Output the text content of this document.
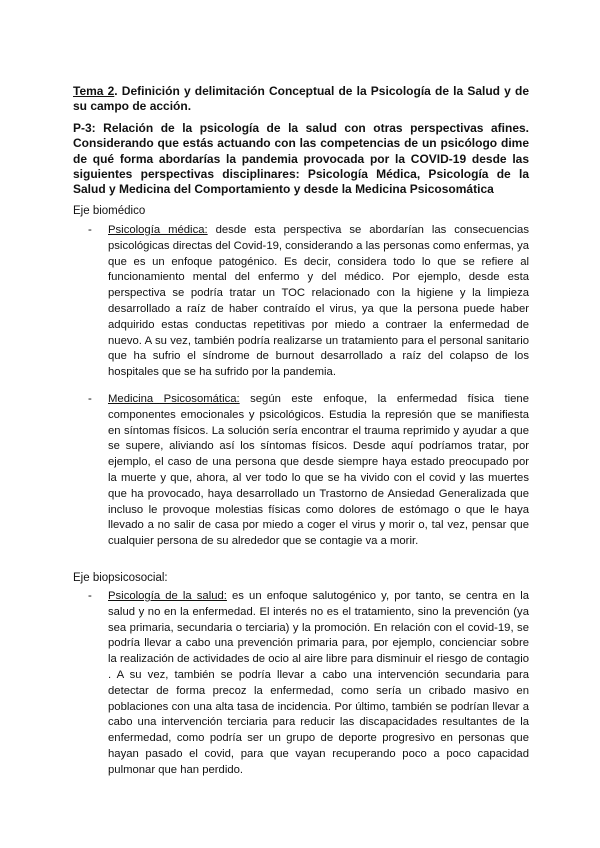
Tema 2. Definición y delimitación Conceptual de la Psicología de la Salud y de su campo de acción.
P-3: Relación de la psicología de la salud con otras perspectivas afines. Considerando que estás actuando con las competencias de un psicólogo dime de qué forma abordarías la pandemia provocada por la COVID-19 desde las siguientes perspectivas disciplinares: Psicología Médica, Psicología de la Salud y Medicina del Comportamiento y desde la Medicina Psicosomática
Eje biomédico
- Psicología médica: desde esta perspectiva se abordarían las consecuencias psicológicas directas del Covid-19, considerando a las personas como enfermas, ya que es un enfoque patogénico. Es decir, considera todo lo que se refiere al funcionamiento mental del enfermo y del médico. Por ejemplo, desde esta perspectiva se podría tratar un TOC relacionado con la higiene y la limpieza desarrollado a raíz de haber contraído el virus, ya que la persona puede haber adquirido estas conductas repetitivas por miedo a contraer la enfermedad de nuevo. A su vez, también podría realizarse un tratamiento para el personal sanitario que ha sufrio el síndrome de burnout desarrollado a raíz del colapso de los hospitales que se ha sufrido por la pandemia.
- Medicina Psicosomática: según este enfoque, la enfermedad física tiene componentes emocionales y psicológicos. Estudia la represión que se manifiesta en síntomas físicos. La solución sería encontrar el trauma reprimido y ayudar a que se supere, aliviando así los síntomas físicos. Desde aquí podríamos tratar, por ejemplo, el caso de una persona que desde siempre haya estado preocupado por la muerte y que, ahora, al ver todo lo que se ha vivido con el covid y las muertes que ha provocado, haya desarrollado un Trastorno de Ansiedad Generalizada que incluso le provoque molestias físicas como dolores de estómago o que le haya llevado a no salir de casa por miedo a coger el virus y morir o, tal vez, pensar que cualquier persona de su alrededor que se contagie va a morir.
Eje biopsicosocial:
- Psicología de la salud: es un enfoque salutogénico y, por tanto, se centra en la salud y no en la enfermedad. El interés no es el tratamiento, sino la prevención (ya sea primaria, secundaria o terciaria) y la promoción. En relación con el covid-19, se podría llevar a cabo una prevención primaria para, por ejemplo, concienciar sobre la realización de actividades de ocio al aire libre para disminuir el riesgo de contagio . A su vez, también se podría llevar a cabo una intervención secundaria para detectar de forma precoz la enfermedad, como sería un cribado masivo en poblaciones con una alta tasa de incidencia. Por último, también se podrían llevar a cabo una intervención terciaria para reducir las discapacidades resultantes de la enfermedad, como podría ser un grupo de deporte progresivo en personas que hayan pasado el covid, para que vayan recuperando poco a poco capacidad pulmonar que han perdido.
